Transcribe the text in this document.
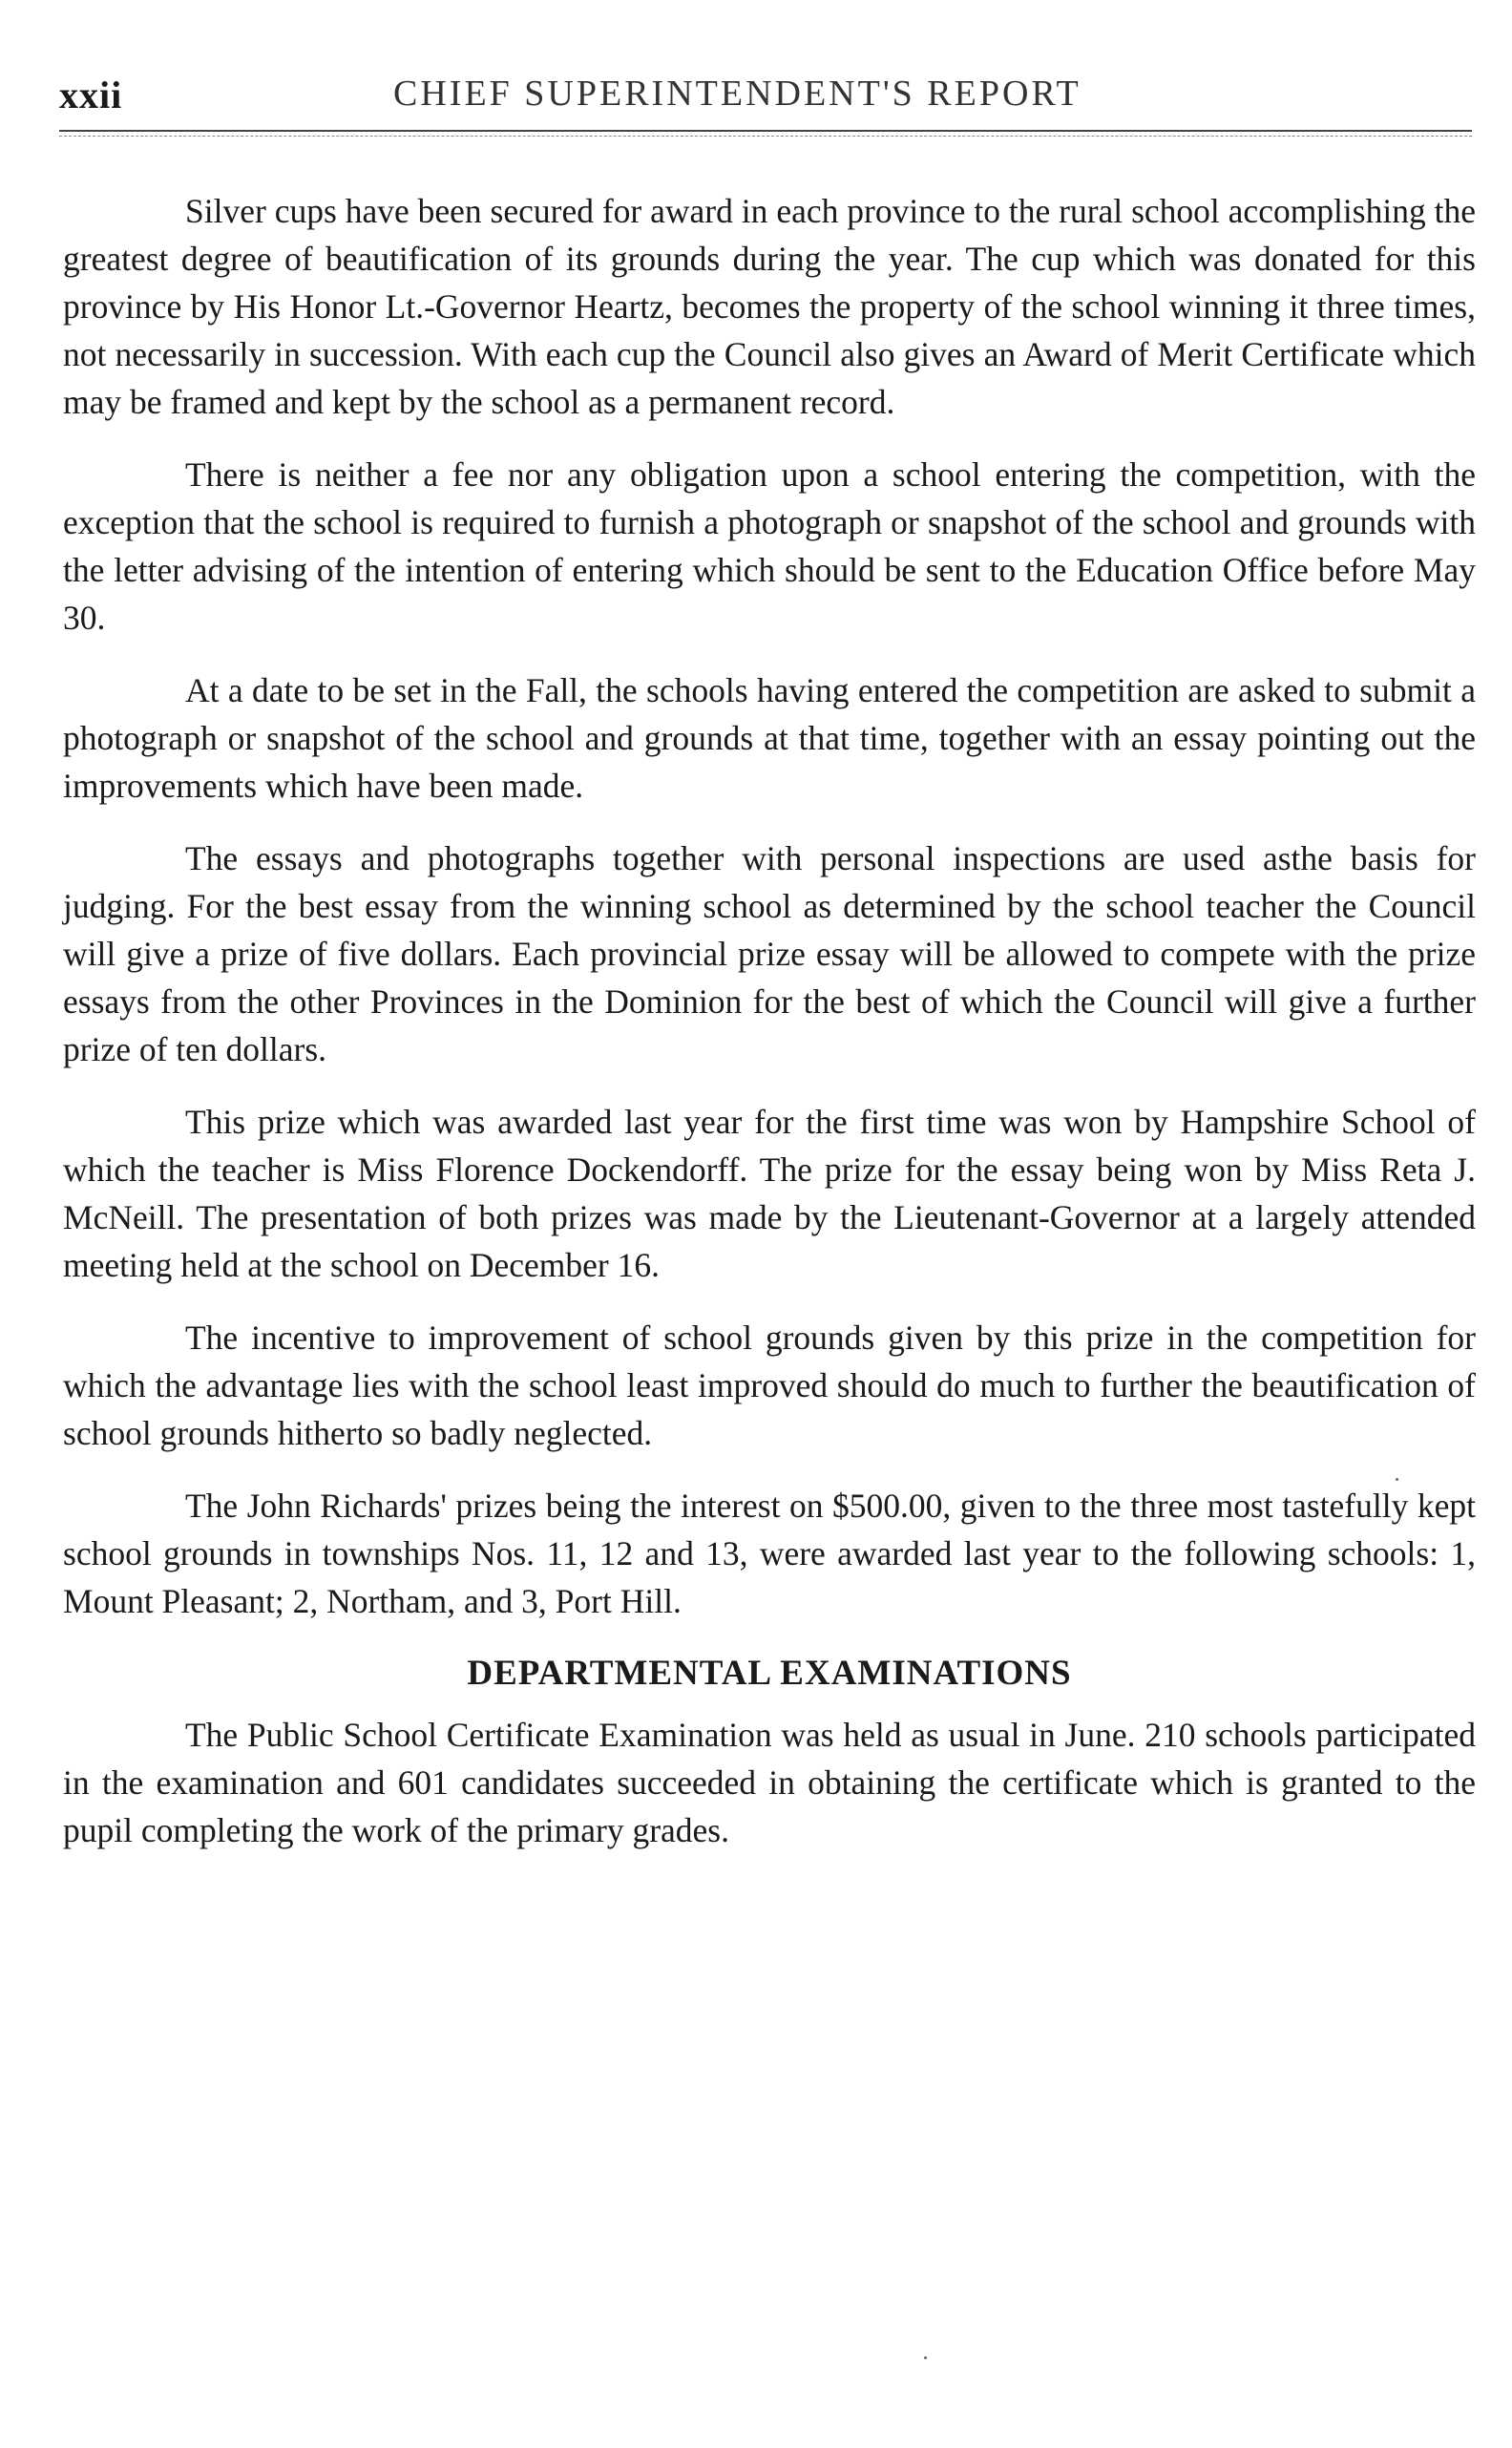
xxii	CHIEF SUPERINTENDENT'S REPORT

Silver cups have been secured for award in each province to the rural school accomplishing the greatest degree of beautification of its grounds during the year. The cup which was donated for this province by His Honor Lt.-Governor Heartz, becomes the property of the school winning it three times, not necessarily in succession. With each cup the Council also gives an Award of Merit Certificate which may be framed and kept by the school as a permanent record.

There is neither a fee nor any obligation upon a school entering the competition, with the exception that the school is required to furnish a photograph or snapshot of the school and grounds with the letter advising of the intention of entering which should be sent to the Education Office before May 30.

At a date to be set in the Fall, the schools having entered the competition are asked to submit a photograph or snapshot of the school and grounds at that time, together with an essay pointing out the improvements which have been made.

The essays and photographs together with personal inspections are used asthe basis for judging. For the best essay from the winning school as determined by the school teacher the Council will give a prize of five dollars. Each provincial prize essay will be allowed to compete with the prize essays from the other Provinces in the Dominion for the best of which the Council will give a further prize of ten dollars.

This prize which was awarded last year for the first time was won by Hampshire School of which the teacher is Miss Florence Dockendorff. The prize for the essay being won by Miss Reta J. McNeill. The presentation of both prizes was made by the Lieutenant-Governor at a largely attended meeting held at the school on December 16.

The incentive to improvement of school grounds given by this prize in the competition for which the advantage lies with the school least improved should do much to further the beautification of school grounds hitherto so badly neglected.

The John Richards' prizes being the interest on $500.00, given to the three most tastefully kept school grounds in townships Nos. 11, 12 and 13, were awarded last year to the following schools: 1, Mount Pleasant; 2, Northam, and 3, Port Hill.

DEPARTMENTAL EXAMINATIONS

The Public School Certificate Examination was held as usual in June. 210 schools participated in the examination and 601 candidates succeeded in obtaining the certificate which is granted to the pupil completing the work of the primary grades.
